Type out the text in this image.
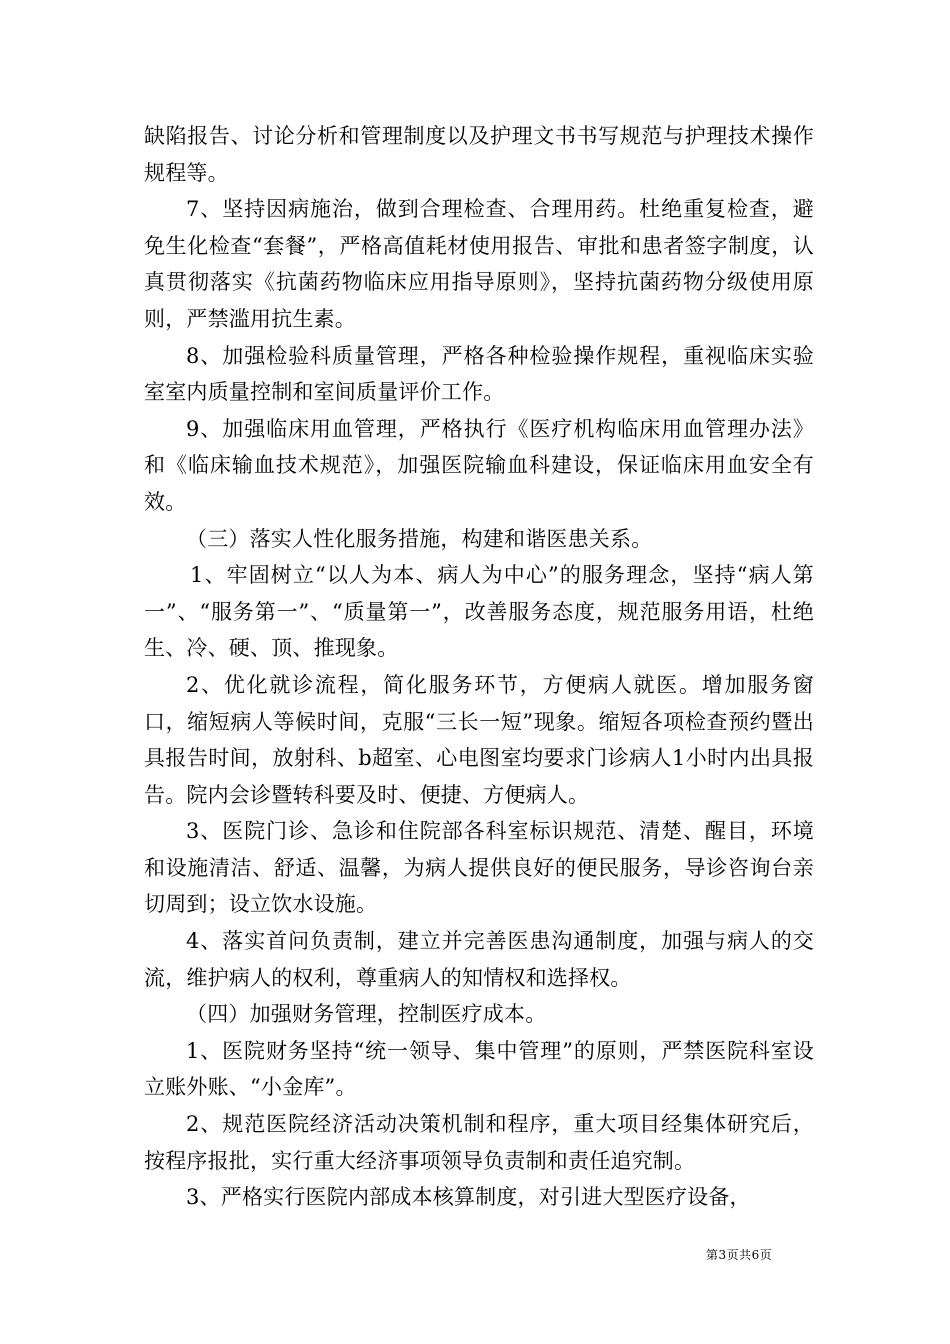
缺陷报告、讨论分析和管理制度以及护理文书书写规范与护理技术操作规程等。

7、坚持因病施治，做到合理检查、合理用药。杜绝重复检查，避免生化检查“套餐”，严格高值耗材使用报告、审批和患者签字制度，认真贯彻落实《抗菌药物临床应用指导原则》，坚持抗菌药物分级使用原则，严禁滥用抗生素。

8、加强检验科质量管理，严格各种检验操作规程，重视临床实验室室内质量控制和室间质量评价工作。

9、加强临床用血管理，严格执行《医疗机构临床用血管理办法》和《临床输血技术规范》，加强医院输血科建设，保证临床用血安全有效。

（三）落实人性化服务措施，构建和谐医患关系。

1、牢固树立“以人为本、病人为中心”的服务理念，坚持“病人第一”、“服务第一”、“质量第一”，改善服务态度，规范服务用语，杜绝生、冷、硬、顶、推现象。

2、优化就诊流程，简化服务环节，方便病人就医。增加服务窗口，缩短病人等候时间，克服“三长一短”现象。缩短各项检查预约暨出具报告时间，放射科、b超室、心电图室均要求门诊病人1小时内出具报告。院内会诊暨转科要及时、便捷、方便病人。

3、医院门诊、急诊和住院部各科室标识规范、清楚、醒目，环境和设施清洁、舒适、温馨，为病人提供良好的便民服务，导诊咨询台亲切周到；设立饮水设施。

4、落实首问负责制，建立并完善医患沟通制度，加强与病人的交流，维护病人的权利，尊重病人的知情权和选择权。

（四）加强财务管理，控制医疗成本。

1、医院财务坚持“统一领导、集中管理”的原则，严禁医院科室设立账外账、“小金库”。

2、规范医院经济活动决策机制和程序，重大项目经集体研究后，按程序报批，实行重大经济事项领导负责制和责任追究制。

3、严格实行医院内部成本核算制度，对引进大型医疗设备，

第3页共6页
